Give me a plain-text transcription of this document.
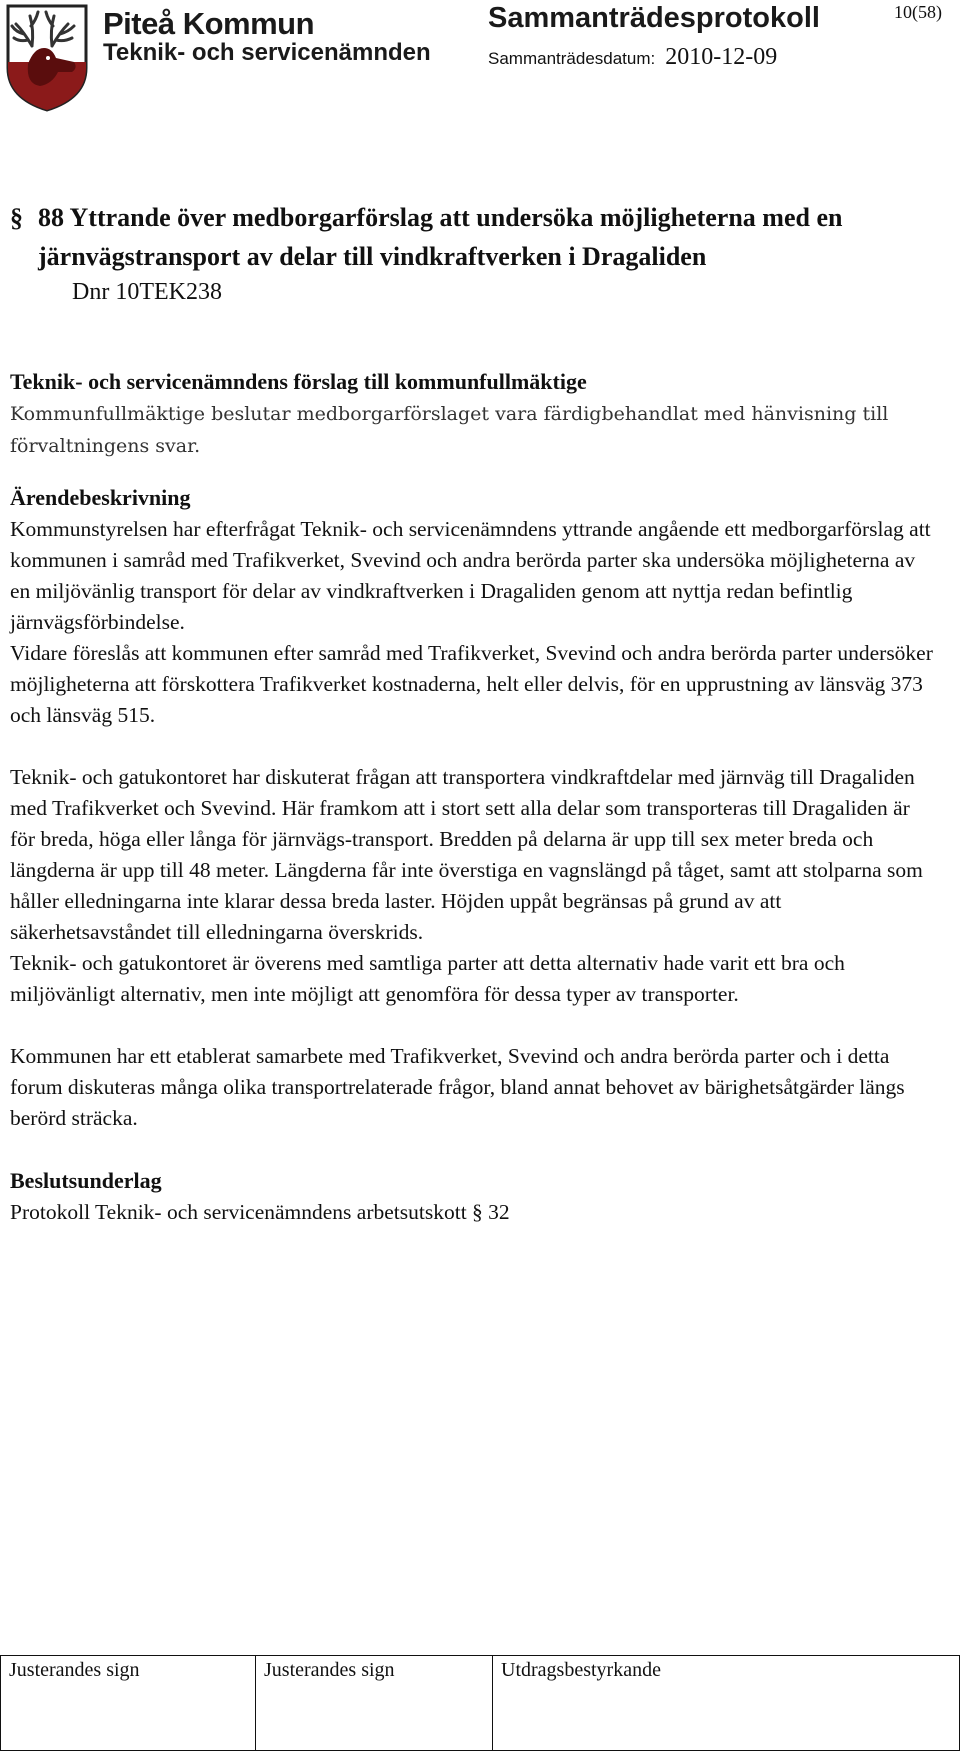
Piteå Kommun
Teknik- och servicenämnden
Sammanträdesprotokoll	10(58)
Sammanträdesdatum: 2010-12-09
§ 88 Yttrande över medborgarförslag att undersöka möjligheterna med en järnvägstransport av delar till vindkraftverken i Dragaliden
Dnr 10TEK238
Teknik- och servicenämndens förslag till kommunfullmäktige

Kommunfullmäktige beslutar medborgarförslaget vara färdigbehandlat med hänvisning till förvaltningens svar.

Ärendebeskrivning

Kommunstyrelsen har efterfrågat Teknik- och servicenämndens yttrande angående ett medborgarförslag att kommunen i samråd med Trafikverket, Svevind och andra berörda parter ska undersöka möjligheterna av en miljövänlig transport för delar av vindkraftverken i Dragaliden genom att nyttja redan befintlig järnvägsförbindelse.

Vidare föreslås att kommunen efter samråd med Trafikverket, Svevind och andra berörda parter undersöker möjligheterna att förskottera Trafikverket kostnaderna, helt eller delvis, för en upprustning av länsväg 373 och länsväg 515.

Teknik- och gatukontoret har diskuterat frågan att transportera vindkraftdelar med järnväg till Dragaliden med Trafikverket och Svevind. Här framkom att i stort sett alla delar som transporteras till Dragaliden är för breda, höga eller långa för järnvägs-transport. Bredden på delarna är upp till sex meter breda och längderna är upp till 48 meter. Längderna får inte överstiga en vagnslängd på tåget, samt att stolparna som håller elledningarna inte klarar dessa breda laster. Höjden uppåt begränsas på grund av att säkerhetsavståndet till elledningarna överskrids.

Teknik- och gatukontoret är överens med samtliga parter att detta alternativ hade varit ett bra och miljövänligt alternativ, men inte möjligt att genomföra för dessa typer av transporter.

Kommunen har ett etablerat samarbete med Trafikverket, Svevind och andra berörda parter och i detta forum diskuteras många olika transportrelaterade frågor, bland annat behovet av bärighetsåtgärder längs berörd sträcka.

Beslutsunderlag

Protokoll Teknik- och servicenämndens arbetsutskott § 32

Justerandes sign	Justerandes sign	Utdragsbestyrkande
